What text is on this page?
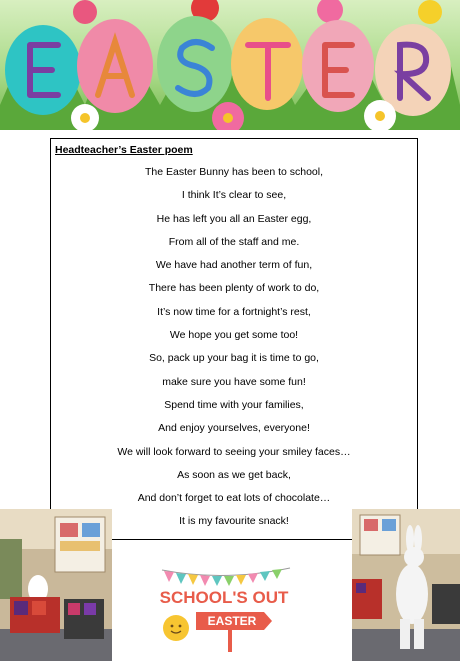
Headteacher’s Easter poem
The Easter Bunny has been to school,
I think It’s clear to see,
He has left you all an Easter egg,
From all of the staff and me.
We have had another term of fun,
There has been plenty of work to do,
It’s now time for a fortnight’s rest,
We hope you get some too!
So, pack up your bag it is time to go,
make sure you have some fun!
Spend time with your families,
And enjoy yourselves, everyone!
We will look forward to seeing your smiley faces…
As soon as we get back,
And don’t forget to eat lots of chocolate…
It is my favourite snack!
SCHOOL'S OUT
EASTER
